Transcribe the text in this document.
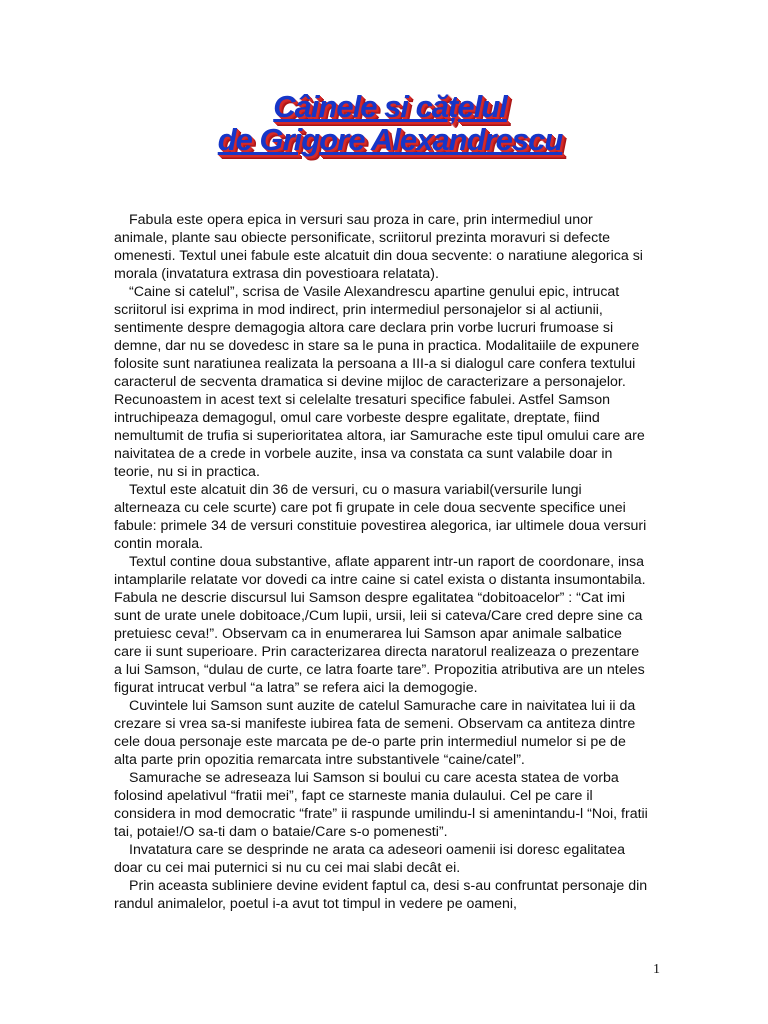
Câinele si cățelul
de Grigore Alexandrescu

Fabula este opera epica in versuri sau proza in care, prin intermediul unor animale, plante sau obiecte personificate, scriitorul prezinta moravuri si defecte omenesti. Textul unei fabule este alcatuit din doua secvente: o naratiune alegorica si morala (invatatura extrasa din povestioara relatata).

“Caine si catelul”, scrisa de Vasile Alexandrescu apartine genului epic, intrucat scriitorul isi exprima in mod indirect, prin intermediul personajelor si al actiunii, sentimente despre demagogia altora care declara prin vorbe lucruri frumoase si demne, dar nu se dovedesc in stare sa le puna in practica. Modalitaiile de expunere folosite sunt naratiunea realizata la persoana a III-a si dialogul care confera textului caracterul de secventa dramatica si devine mijloc de caracterizare a personajelor. Recunoastem in acest text si celelalte tresaturi specifice fabulei. Astfel Samson intruchipeaza demagogul, omul care vorbeste despre egalitate, dreptate, fiind nemultumit de trufia si superioritatea altora, iar Samurache este tipul omului care are naivitatea de a crede in vorbele auzite, insa va constata ca sunt valabile doar in teorie, nu si in practica.

Textul este alcatuit din 36 de versuri, cu o masura variabil(versurile lungi alterneaza cu cele scurte) care pot fi grupate in cele doua secvente specifice unei fabule: primele 34 de versuri constituie povestirea alegorica, iar ultimele doua versuri contin morala.

Textul contine doua substantive, aflate apparent intr-un raport de coordonare, insa intamplarile relatate vor dovedi ca intre caine si catel exista o distanta insumontabila. Fabula ne descrie discursul lui Samson despre egalitatea “dobitoacelor” : “Cat imi sunt de urate unele dobitoace,/Cum lupii, ursii, leii si cateva/Care cred depre sine ca pretuiesc ceva!”. Observam ca in enumerarea lui Samson apar animale salbatice care ii sunt superioare. Prin caracterizarea directa naratorul realizeaza o prezentare a lui Samson, “dulau de curte, ce latra foarte tare”. Propozitia atributiva are un nteles figurat intrucat verbul “a latra” se refera aici la demogogie.

Cuvintele lui Samson sunt auzite de catelul Samurache care in naivitatea lui ii da crezare si vrea sa-si manifeste iubirea fata de semeni. Observam ca antiteza dintre cele doua personaje este marcata pe de-o parte prin intermediul numelor si pe de alta parte prin opozitia remarcata intre substantivele “caine/catel”.

Samurache se adreseaza lui Samson si boului cu care acesta statea de vorba folosind apelativul “fratii mei”, fapt ce starneste mania dulaului. Cel pe care il considera in mod democratic “frate” ii raspunde umilindu-l si amenintandu-l “Noi, fratii tai, potaie!/O sa-ti dam o bataie/Care s-o pomenesti”.

Invatatura care se desprinde ne arata ca adeseori oamenii isi doresc egalitatea doar cu cei mai puternici si nu cu cei mai slabi decât ei.

Prin aceasta subliniere devine evident faptul ca, desi s-au confruntat personaje din randul animalelor, poetul i-a avut tot timpul in vedere pe oameni,

1
